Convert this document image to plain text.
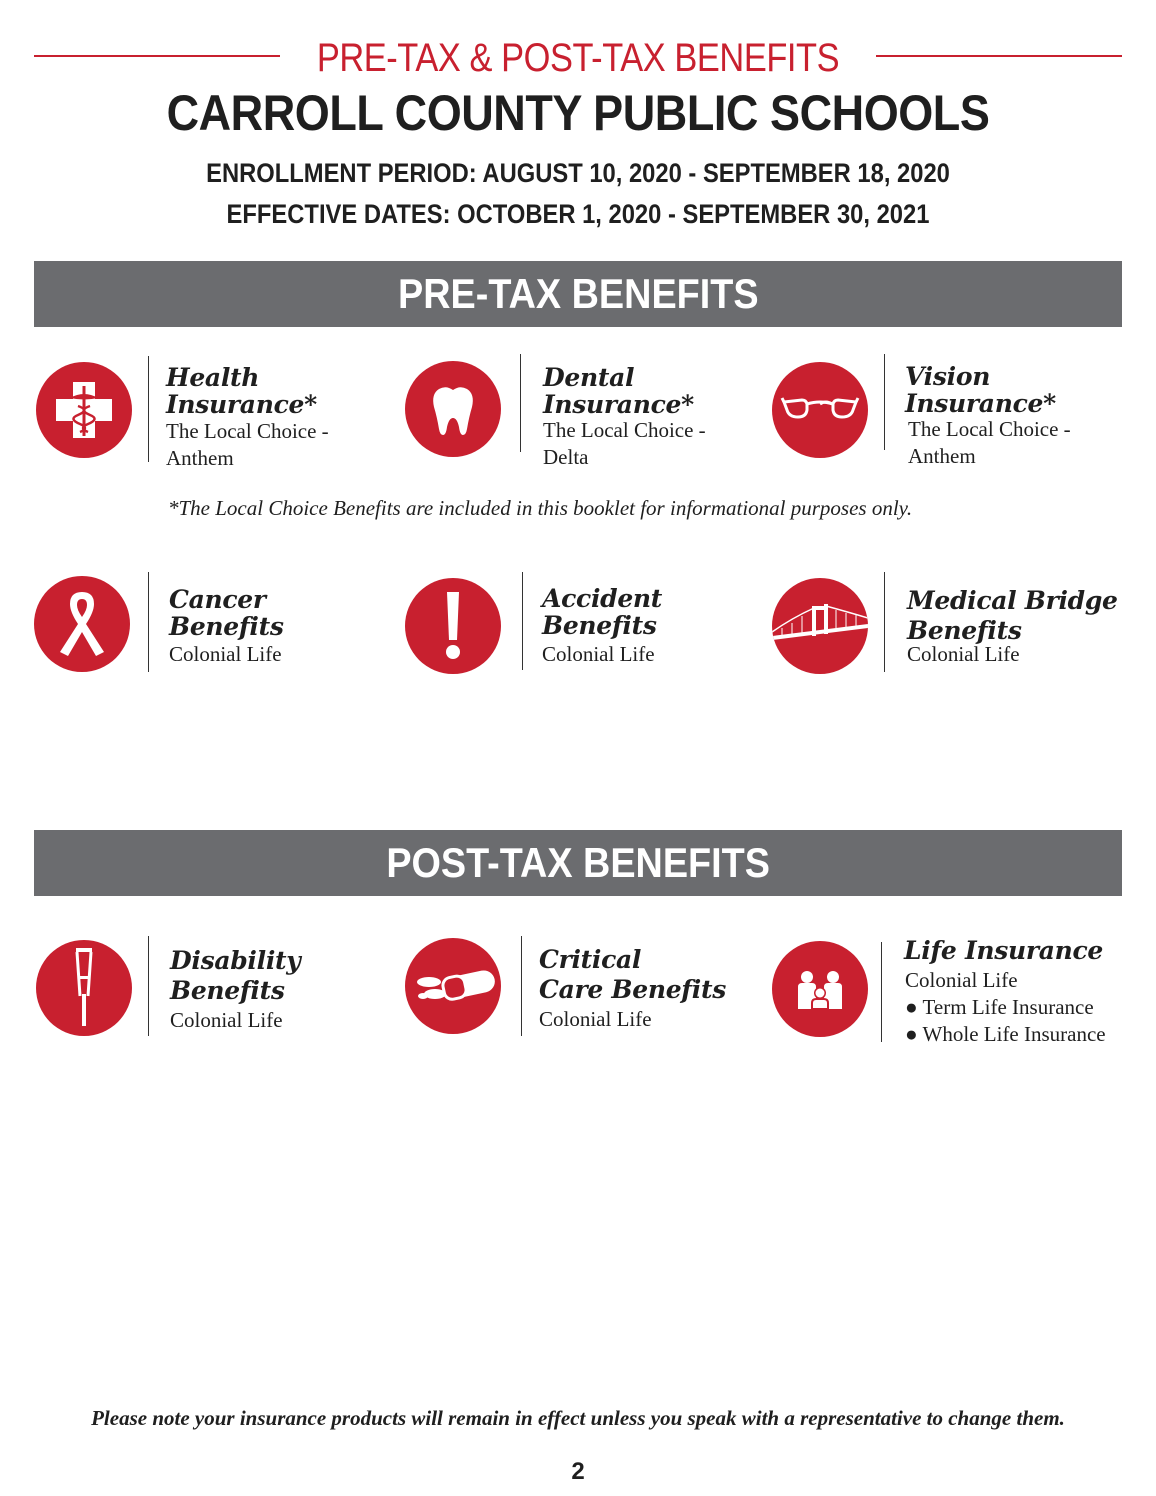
PRE-TAX & POST-TAX BENEFITS
CARROLL COUNTY PUBLIC SCHOOLS
ENROLLMENT PERIOD: AUGUST 10, 2020 - SEPTEMBER 18, 2020
EFFECTIVE DATES: OCTOBER 1, 2020 - SEPTEMBER 30, 2021
PRE-TAX BENEFITS
Health
Insurance*
The Local Choice -
Anthem
Dental
Insurance*
The Local Choice -
Delta
Vision
Insurance*
The Local Choice -
Anthem
*The Local Choice Benefits are included in this booklet for informational purposes only.
Cancer
Benefits
Colonial Life
Accident
Benefits
Colonial Life
Medical Bridge
Benefits
Colonial Life
POST-TAX BENEFITS
Disability
Benefits
Colonial Life
Critical
Care Benefits
Colonial Life
Life Insurance
Colonial Life
● Term Life Insurance
● Whole Life Insurance
Please note your insurance products will remain in effect unless you speak with a representative to change them.
2
